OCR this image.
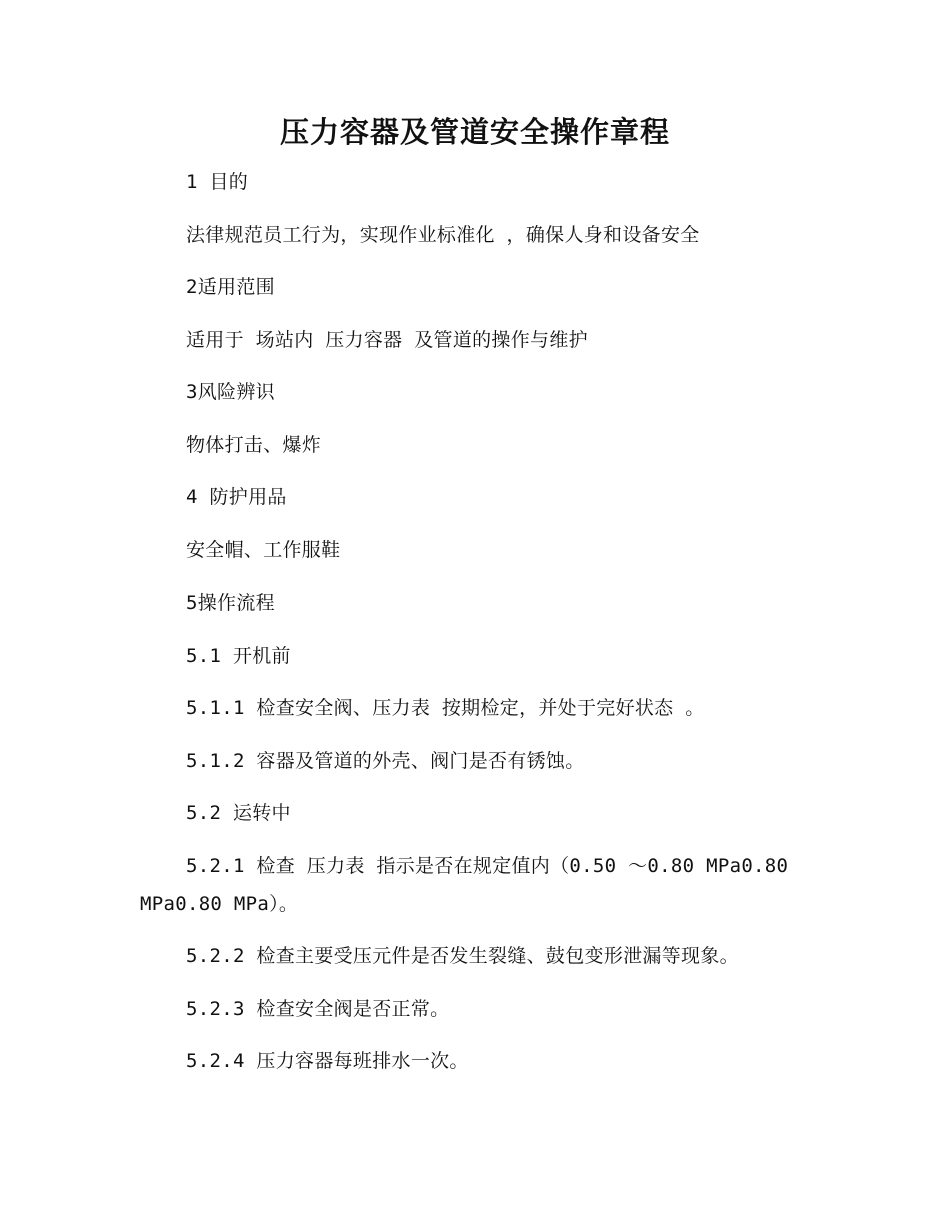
压力容器及管道安全操作章程
1 目的
法律规范员工行为，实现作业标准化 ，确保人身和设备安全
2适用范围
适用于 场站内 压力容器 及管道的操作与维护
3风险辨识
物体打击、爆炸
4 防护用品
安全帽、工作服鞋
5操作流程
5.1 开机前
5.1.1 检查安全阀、压力表 按期检定，并处于完好状态 。
5.1.2 容器及管道的外壳、阀门是否有锈蚀。
5.2 运转中
5.2.1 检查 压力表 指示是否在规定值内（0.50 ～0.80 MPa0.80
MPa0.80 MPa）。
5.2.2 检查主要受压元件是否发生裂缝、鼓包变形泄漏等现象。
5.2.3 检查安全阀是否正常。
5.2.4 压力容器每班排水一次。
